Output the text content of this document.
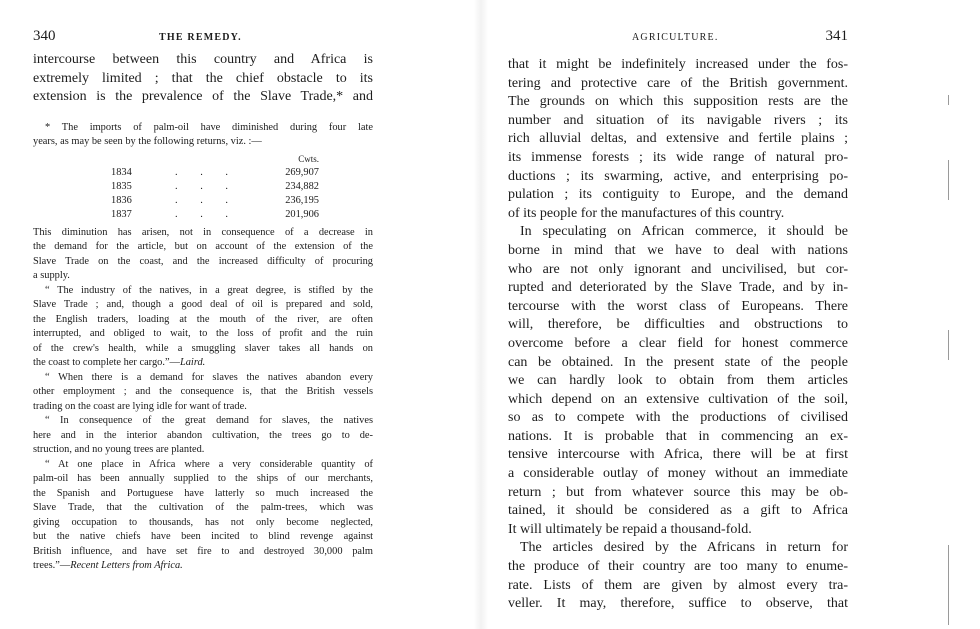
340	THE REMEDY.
intercourse between this country and Africa is
extremely limited ; that the chief obstacle to its
extension is the prevalence of the Slave Trade,* and
* The imports of palm-oil have diminished during four late
years, as may be seen by the following returns, viz. :—
		Cwts.
1834	. . .	269,907
1835	. . .	234,882
1836	. . .	236,195
1837	. . .	201,906
This diminution has arisen, not in consequence of a decrease in
the demand for the article, but on account of the extension of the
Slave Trade on the coast, and the increased difficulty of procuring
a supply.
“ The industry of the natives, in a great degree, is stifled by the
Slave Trade ; and, though a good deal of oil is prepared and sold,
the English traders, loading at the mouth of the river, are often
interrupted, and obliged to wait, to the loss of profit and the ruin
of the crew's health, while a smuggling slaver takes all hands on
the coast to complete her cargo.”—Laird.
“ When there is a demand for slaves the natives abandon every
other employment ; and the consequence is, that the British vessels
trading on the coast are lying idle for want of trade.
“ In consequence of the great demand for slaves, the natives
here and in the interior abandon cultivation, the trees go to de-
struction, and no young trees are planted.
“ At one place in Africa where a very considerable quantity of
palm-oil has been annually supplied to the ships of our merchants,
the Spanish and Portuguese have latterly so much increased the
Slave Trade, that the cultivation of the palm-trees, which was
giving occupation to thousands, has not only become neglected,
but the native chiefs have been incited to blind revenge against
British influence, and have set fire to and destroyed 30,000 palm
trees.”—Recent Letters from Africa.
AGRICULTURE.	341
that it might be indefinitely increased under the fos-
tering and protective care of the British government.
The grounds on which this supposition rests are the
number and situation of its navigable rivers ; its
rich alluvial deltas, and extensive and fertile plains ;
its immense forests ; its wide range of natural pro-
ductions ; its swarming, active, and enterprising po-
pulation ; its contiguity to Europe, and the demand
of its people for the manufactures of this country.
In speculating on African commerce, it should be
borne in mind that we have to deal with nations
who are not only ignorant and uncivilised, but cor-
rupted and deteriorated by the Slave Trade, and by in-
tercourse with the worst class of Europeans. There
will, therefore, be difficulties and obstructions to
overcome before a clear field for honest commerce
can be obtained. In the present state of the people
we can hardly look to obtain from them articles
which depend on an extensive cultivation of the soil,
so as to compete with the productions of civilised
nations. It is probable that in commencing an ex-
tensive intercourse with Africa, there will be at first
a considerable outlay of money without an immediate
return ; but from whatever source this may be ob-
tained, it should be considered as a gift to Africa
It will ultimately be repaid a thousand-fold.
The articles desired by the Africans in return for
the produce of their country are too many to enume-
rate. Lists of them are given by almost every tra-
veller. It may, therefore, suffice to observe, that
